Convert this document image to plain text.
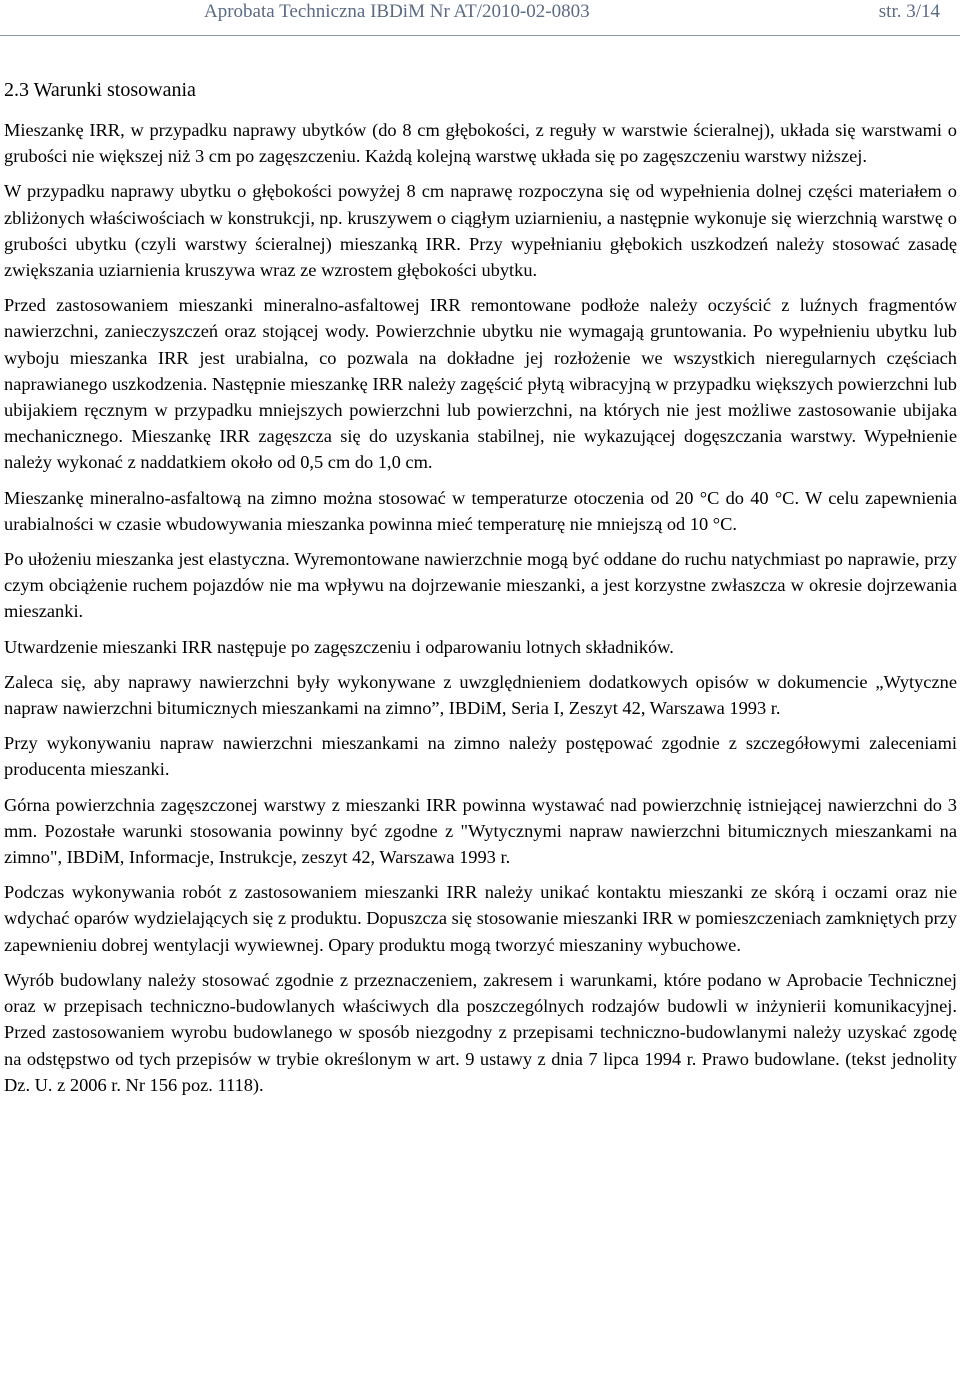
Aprobata Techniczna IBDiM Nr AT/2010-02-0803	str. 3/14
2.3 Warunki stosowania

Mieszankę IRR, w przypadku naprawy ubytków (do 8 cm głębokości, z reguły w warstwie ścieralnej), układa się warstwami o grubości nie większej niż 3 cm po zagęszczeniu. Każdą kolejną warstwę układa się po zagęszczeniu warstwy niższej.

W przypadku naprawy ubytku o głębokości powyżej 8 cm naprawę rozpoczyna się od wypełnienia dolnej części materiałem o zbliżonych właściwościach w konstrukcji, np. kruszywem o ciągłym uziarnieniu, a następnie wykonuje się wierzchnią warstwę o grubości ubytku (czyli warstwy ścieralnej) mieszanką IRR. Przy wypełnianiu głębokich uszkodzeń należy stosować zasadę zwiększania uziarnienia kruszywa wraz ze wzrostem głębokości ubytku.

Przed zastosowaniem mieszanki mineralno-asfaltowej IRR remontowane podłoże należy oczyścić z luźnych fragmentów nawierzchni, zanieczyszczeń oraz stojącej wody. Powierzchnie ubytku nie wymagają gruntowania. Po wypełnieniu ubytku lub wyboju mieszanka IRR jest urabialna, co pozwala na dokładne jej rozłożenie we wszystkich nieregularnych częściach naprawianego uszkodzenia. Następnie mieszankę IRR należy zagęścić płytą wibracyjną w przypadku większych powierzchni lub ubijakiem ręcznym w przypadku mniejszych powierzchni lub powierzchni, na których nie jest możliwe zastosowanie ubijaka mechanicznego. Mieszankę IRR zagęszcza się do uzyskania stabilnej, nie wykazującej dogęszczania warstwy. Wypełnienie należy wykonać z naddatkiem około od 0,5 cm do 1,0 cm.

Mieszankę mineralno-asfaltową na zimno można stosować w temperaturze otoczenia od 20 °C do 40 °C. W celu zapewnienia urabialności w czasie wbudowywania mieszanka powinna mieć temperaturę nie mniejszą od 10 °C.

Po ułożeniu mieszanka jest elastyczna. Wyremontowane nawierzchnie mogą być oddane do ruchu natychmiast po naprawie, przy czym obciążenie ruchem pojazdów nie ma wpływu na dojrzewanie mieszanki, a jest korzystne zwłaszcza w okresie dojrzewania mieszanki.

Utwardzenie mieszanki IRR następuje po zagęszczeniu i odparowaniu lotnych składników.

Zaleca się, aby naprawy nawierzchni były wykonywane z uwzględnieniem dodatkowych opisów w dokumencie „Wytyczne napraw nawierzchni bitumicznych mieszankami na zimno”, IBDiM, Seria I, Zeszyt 42, Warszawa 1993 r.

Przy wykonywaniu napraw nawierzchni mieszankami na zimno należy postępować zgodnie z szczegółowymi zaleceniami producenta mieszanki.

Górna powierzchnia zagęszczonej warstwy z mieszanki IRR powinna wystawać nad powierzchnię istniejącej nawierzchni do 3 mm. Pozostałe warunki stosowania powinny być zgodne z "Wytycznymi napraw nawierzchni bitumicznych mieszankami na zimno", IBDiM, Informacje, Instrukcje, zeszyt 42, Warszawa 1993 r.

Podczas wykonywania robót z zastosowaniem mieszanki IRR należy unikać kontaktu mieszanki ze skórą i oczami oraz nie wdychać oparów wydzielających się z produktu. Dopuszcza się stosowanie mieszanki IRR w pomieszczeniach zamkniętych przy zapewnieniu dobrej wentylacji wywiewnej. Opary produktu mogą tworzyć mieszaniny wybuchowe.

Wyrób budowlany należy stosować zgodnie z przeznaczeniem, zakresem i warunkami, które podano w Aprobacie Technicznej oraz w przepisach techniczno-budowlanych właściwych dla poszczególnych rodzajów budowli w inżynierii komunikacyjnej. Przed zastosowaniem wyrobu budowlanego w sposób niezgodny z przepisami techniczno-budowlanymi należy uzyskać zgodę na odstępstwo od tych przepisów w trybie określonym w art. 9 ustawy z dnia 7 lipca 1994 r. Prawo budowlane. (tekst jednolity Dz. U. z 2006 r. Nr 156 poz. 1118).
